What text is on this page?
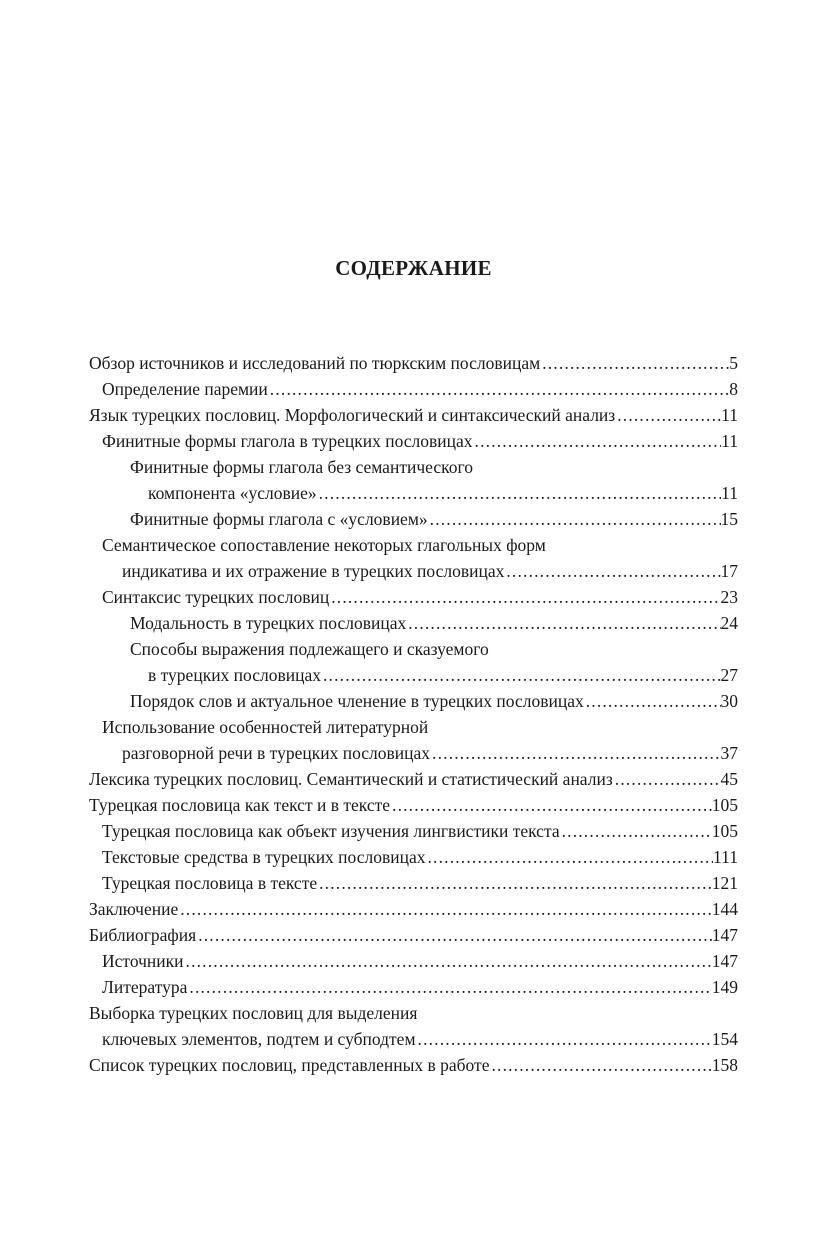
СОДЕРЖАНИЕ
Обзор источников и исследований по тюркским пословицам . . .	5
Определение паремии . . .	8
Язык турецких пословиц. Морфологический и синтаксический анализ . . .	11
Финитные формы глагола в турецких пословицах . . .	11
Финитные формы глагола без семантического
компонента «условие» . . .	11
Финитные формы глагола с «условием» . . .	15
Семантическое сопоставление некоторых глагольных форм
индикатива и их отражение в турецких пословицах . . .	17
Синтаксис турецких пословиц . . .	23
Модальность в турецких пословицах . . .	24
Способы выражения подлежащего и сказуемого
в турецких пословицах . . .	27
Порядок слов и актуальное членение в турецких пословицах . . .	30
Использование особенностей литературной
разговорной речи в турецких пословицах . . .	37
Лексика турецких пословиц. Семантический и статистический анализ . . .	45
Турецкая пословица как текст и в тексте . . .	105
Турецкая пословица как объект изучения лингвистики текста . . .	105
Текстовые средства в турецких пословицах . . .	111
Турецкая пословица в тексте . . .	121
Заключение . . .	144
Библиография . . .	147
Источники . . .	147
Литература . . .	149
Выборка турецких пословиц для выделения
ключевых элементов, подтем и субподтем . . .	154
Список турецких пословиц, представленных в работе . . .	158
